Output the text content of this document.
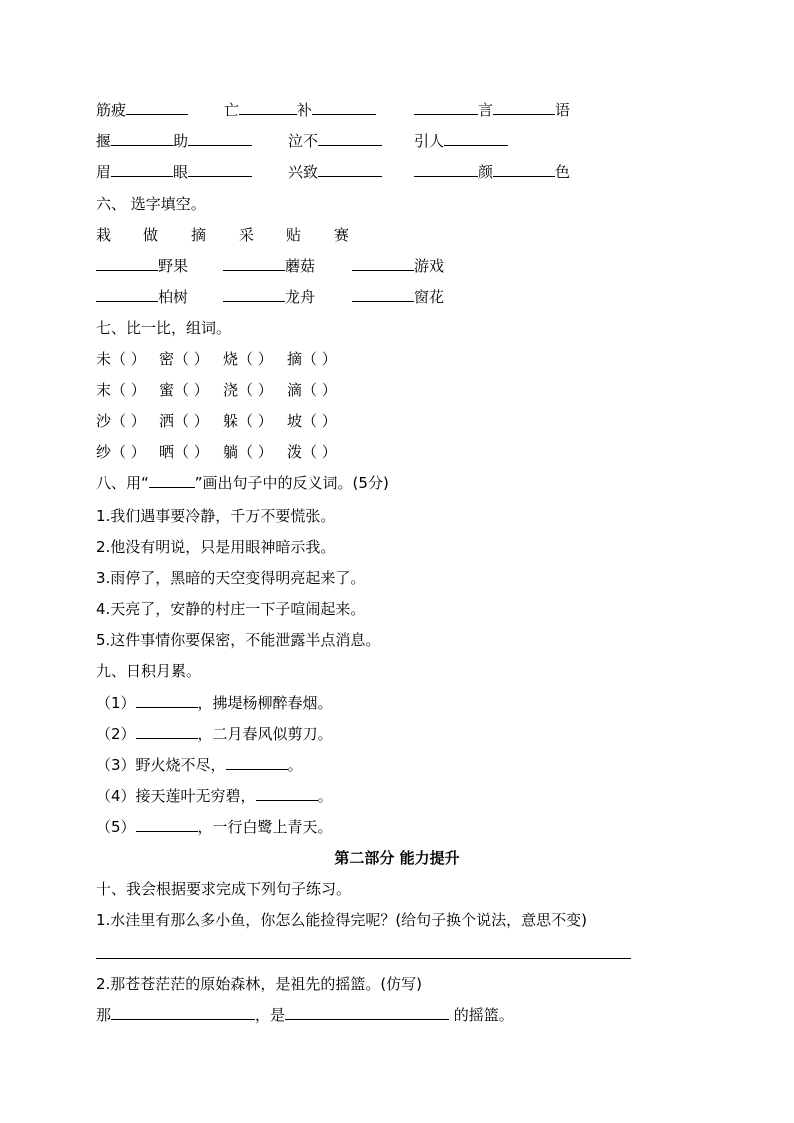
筋疲	亡	补	言	语
揠	助	泣不	引人
眉	眼	兴致	颜	色
六、 选字填空。
栽 做 摘 采 贴 赛
野果	蘑菇	游戏
柏树	龙舟	窗花
七、比一比，组词。
未（ ） 密（ ） 烧（ ） 摘（ ）
末（ ） 蜜（ ） 浇（ ） 滴（ ）
沙（ ） 洒（ ） 躲（ ） 坡（ ）
纱（ ） 晒（ ） 躺（ ） 泼（ ）
八、用“	”画出句子中的反义词。(5分)
1.我们遇事要冷静，千万不要慌张。
2.他没有明说，只是用眼神暗示我。
3.雨停了，黑暗的天空变得明亮起来了。
4.天亮了，安静的村庄一下子喧闹起来。
5.这件事情你要保密，不能泄露半点消息。
九、日积月累。
（1）	，拂堤杨柳醉春烟。
（2）	，二月春风似剪刀。
（3）野火烧不尽，	。
（4）接天莲叶无穷碧，	。
（5）	，一行白鹭上青天。
第二部分 能力提升
十、我会根据要求完成下列句子练习。
1.水洼里有那么多小鱼，你怎么能捡得完呢？(给句子换个说法，意思不变)
2.那苍苍茫茫的原始森林，是祖先的摇篮。(仿写)
那	，是	的摇篮。
